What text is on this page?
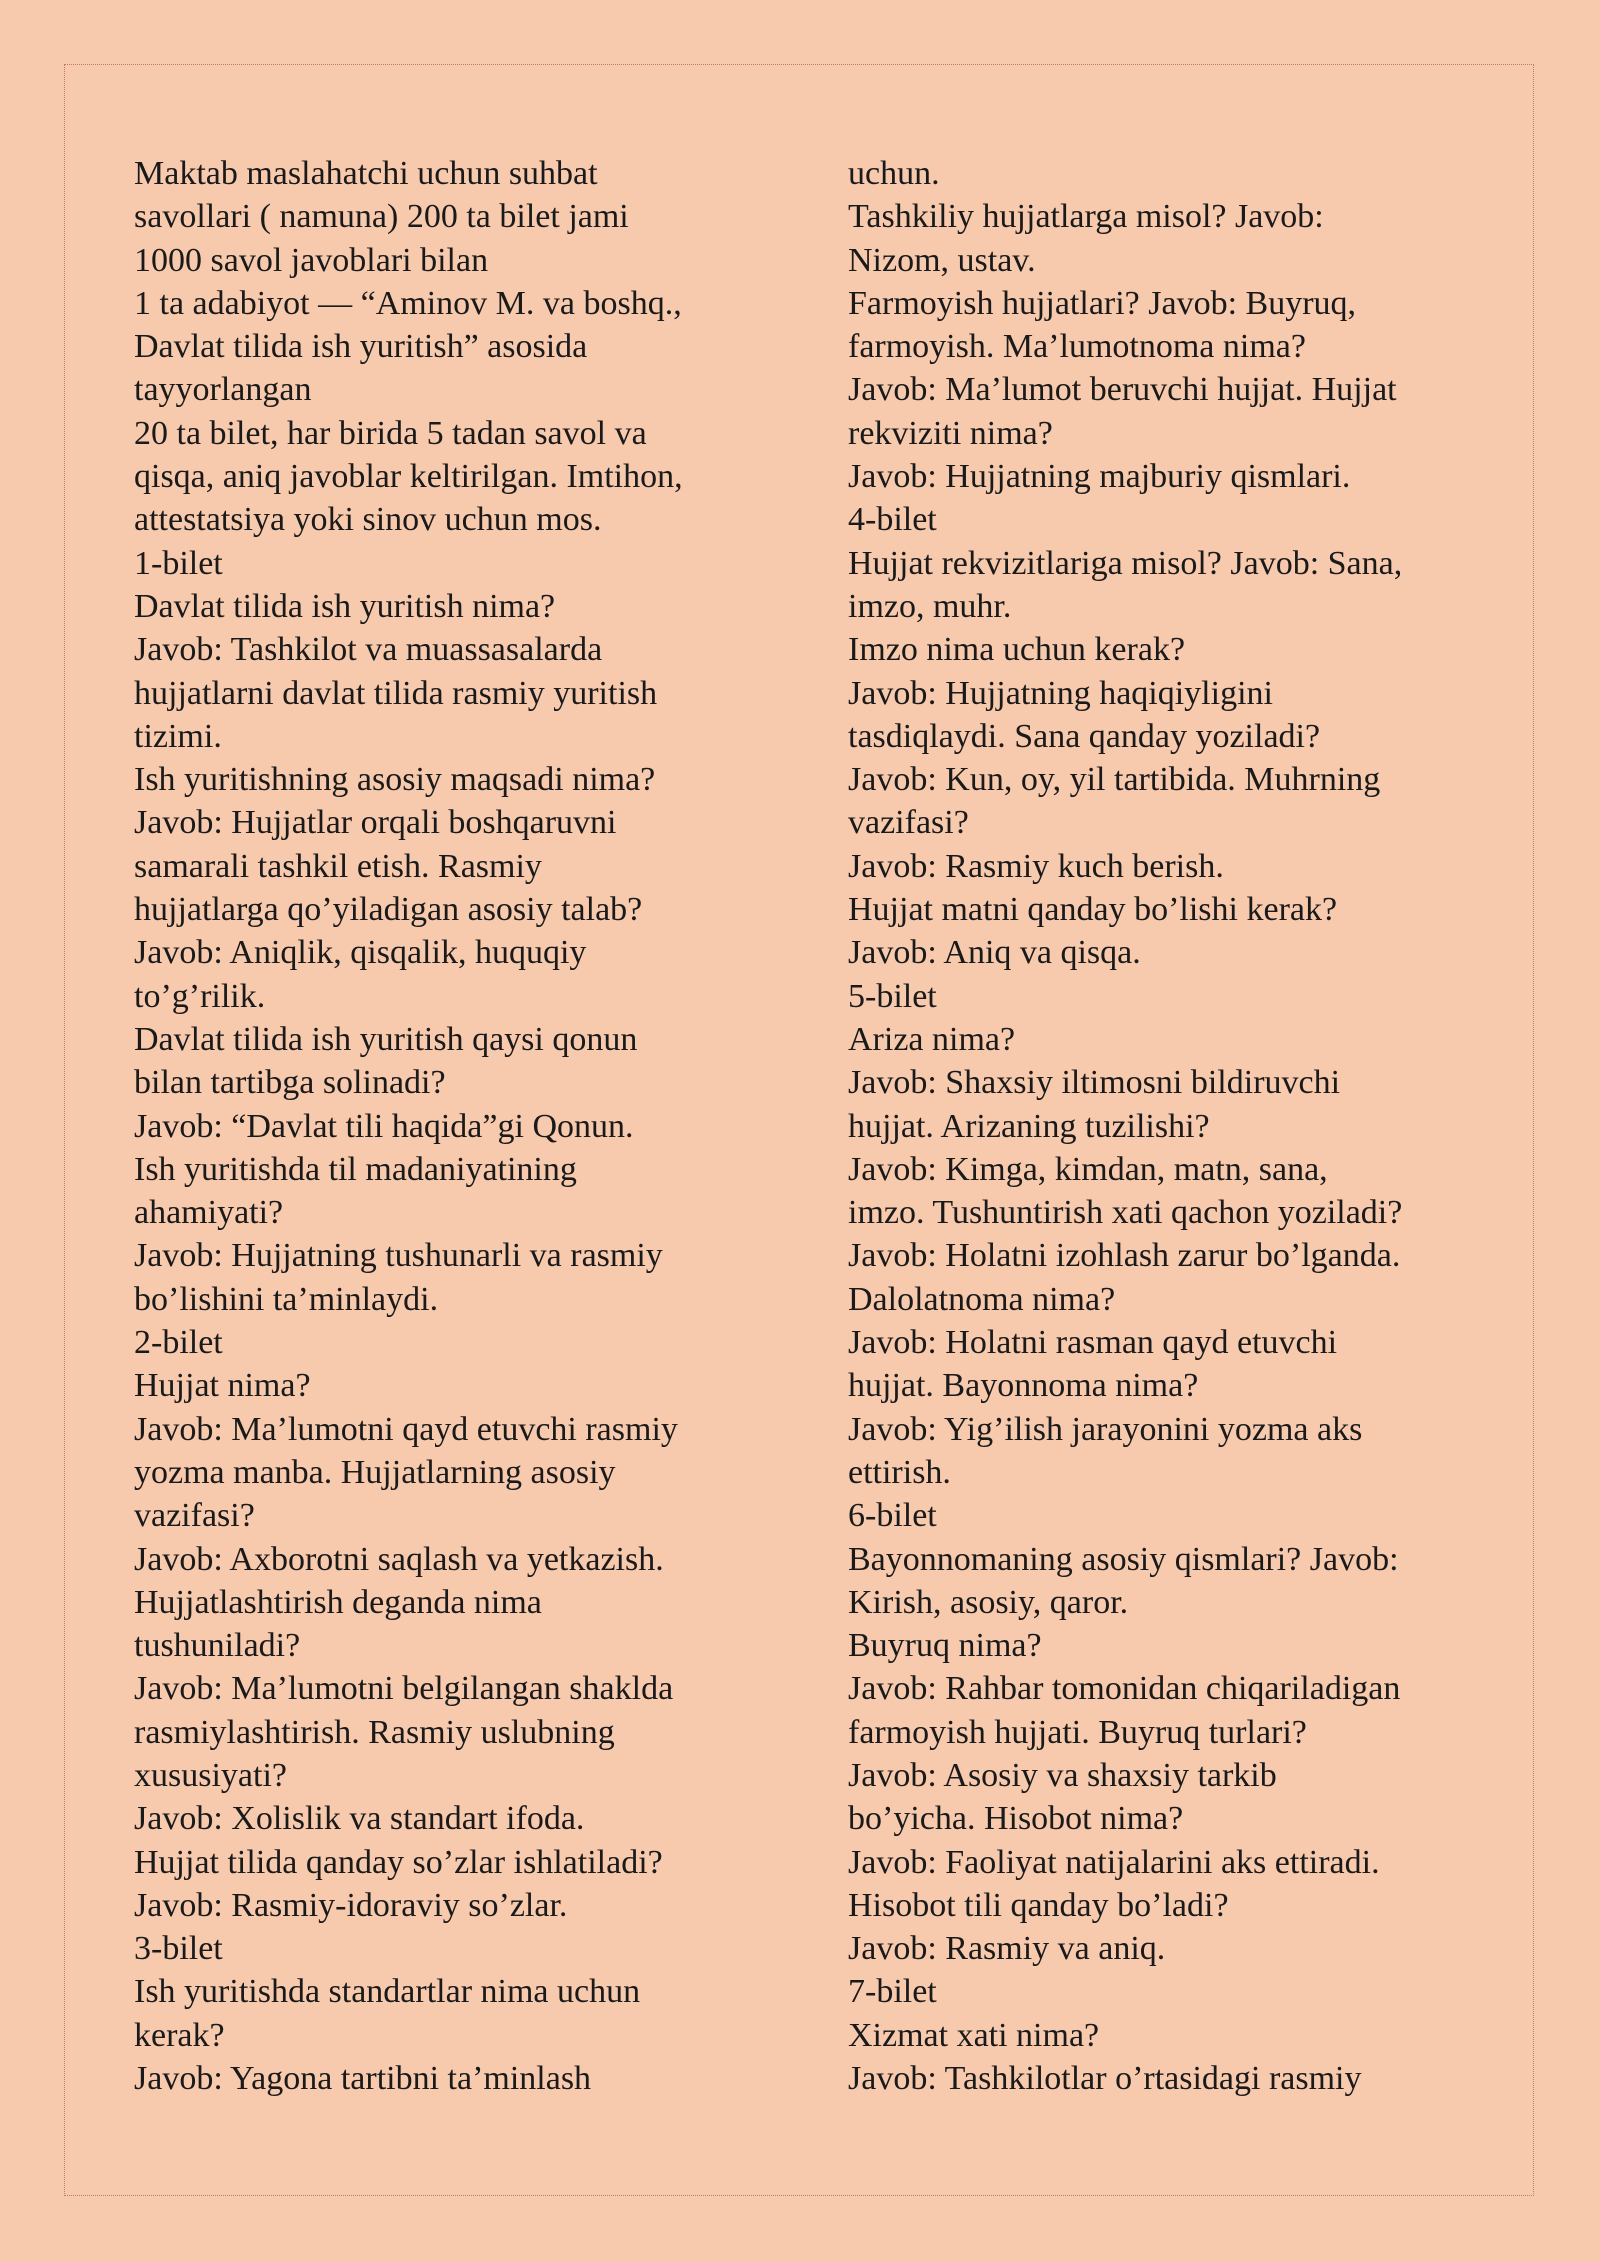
Maktab maslahatchi uchun suhbat
savollari ( namuna) 200 ta bilet jami
1000 savol javoblari bilan
1 ta adabiyot — “Aminov M. va boshq.,
Davlat tilida ish yuritish” asosida
tayyorlangan
20 ta bilet, har birida 5 tadan savol va
qisqa, aniq javoblar keltirilgan. Imtihon,
attestatsiya yoki sinov uchun mos.
1-bilet
Davlat tilida ish yuritish nima?
Javob: Tashkilot va muassasalarda
hujjatlarni davlat tilida rasmiy yuritish
tizimi.
Ish yuritishning asosiy maqsadi nima?
Javob: Hujjatlar orqali boshqaruvni
samarali tashkil etish. Rasmiy
hujjatlarga qo’yiladigan asosiy talab?
Javob: Aniqlik, qisqalik, huquqiy
to’g’rilik.
Davlat tilida ish yuritish qaysi qonun
bilan tartibga solinadi?
Javob: “Davlat tili haqida”gi Qonun.
Ish yuritishda til madaniyatining
ahamiyati?
Javob: Hujjatning tushunarli va rasmiy
bo’lishini ta’minlaydi.
2-bilet
Hujjat nima?
Javob: Ma’lumotni qayd etuvchi rasmiy
yozma manba. Hujjatlarning asosiy
vazifasi?
Javob: Axborotni saqlash va yetkazish.
Hujjatlashtirish deganda nima
tushuniladi?
Javob: Ma’lumotni belgilangan shaklda
rasmiylashtirish. Rasmiy uslubning
xususiyati?
Javob: Xolislik va standart ifoda.
Hujjat tilida qanday so’zlar ishlatiladi?
Javob: Rasmiy-idoraviy so’zlar.
3-bilet
Ish yuritishda standartlar nima uchun
kerak?
Javob: Yagona tartibni ta’minlash
uchun.
Tashkiliy hujjatlarga misol? Javob:
Nizom, ustav.
Farmoyish hujjatlari? Javob: Buyruq,
farmoyish. Ma’lumotnoma nima?
Javob: Ma’lumot beruvchi hujjat. Hujjat
rekviziti nima?
Javob: Hujjatning majburiy qismlari.
4-bilet
Hujjat rekvizitlariga misol? Javob: Sana,
imzo, muhr.
Imzo nima uchun kerak?
Javob: Hujjatning haqiqiyligini
tasdiqlaydi. Sana qanday yoziladi?
Javob: Kun, oy, yil tartibida. Muhrning
vazifasi?
Javob: Rasmiy kuch berish.
Hujjat matni qanday bo’lishi kerak?
Javob: Aniq va qisqa.
5-bilet
Ariza nima?
Javob: Shaxsiy iltimosni bildiruvchi
hujjat. Arizaning tuzilishi?
Javob: Kimga, kimdan, matn, sana,
imzo. Tushuntirish xati qachon yoziladi?
Javob: Holatni izohlash zarur bo’lganda.
Dalolatnoma nima?
Javob: Holatni rasman qayd etuvchi
hujjat. Bayonnoma nima?
Javob: Yig’ilish jarayonini yozma aks
ettirish.
6-bilet
Bayonnomaning asosiy qismlari? Javob:
Kirish, asosiy, qaror.
Buyruq nima?
Javob: Rahbar tomonidan chiqariladigan
farmoyish hujjati. Buyruq turlari?
Javob: Asosiy va shaxsiy tarkib
bo’yicha. Hisobot nima?
Javob: Faoliyat natijalarini aks ettiradi.
Hisobot tili qanday bo’ladi?
Javob: Rasmiy va aniq.
7-bilet
Xizmat xati nima?
Javob: Tashkilotlar o’rtasidagi rasmiy
